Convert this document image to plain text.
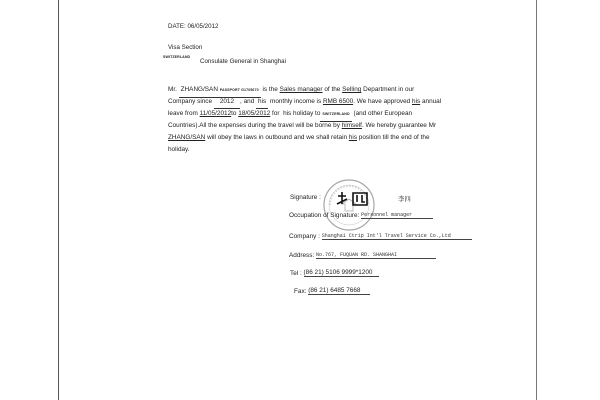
DATE: 06/05/2012
Visa Section
SWITZERLAND
Consulate General in Shanghai
Mr. ZHANG/SAN PASSPORT G1705670 is the Sales manager of the Selling Department in our
Company since 2012 , and his monthly income is RMB 6500. We have approved his annual
leave from 11/05/2012to 18/05/2012 for his holiday to SWITZERLAND (and other European
Countries).All the expenses during the travel will be borne by himself. We hereby guarantee Mr
ZHANG/SAN will obey the laws in outbound and we shall retain his position till the end of the
holiday.
Signature :	李四
Occupation of Signature: Personnel manager
Company : Shanghai Ctrip Int'l Travel Service Co.,Ltd
Address: No.767, FUQUAN RD. SHANGHAI
Tel : (86 21) 5106 9999*1200
Fax: (86 21) 6485 7668
